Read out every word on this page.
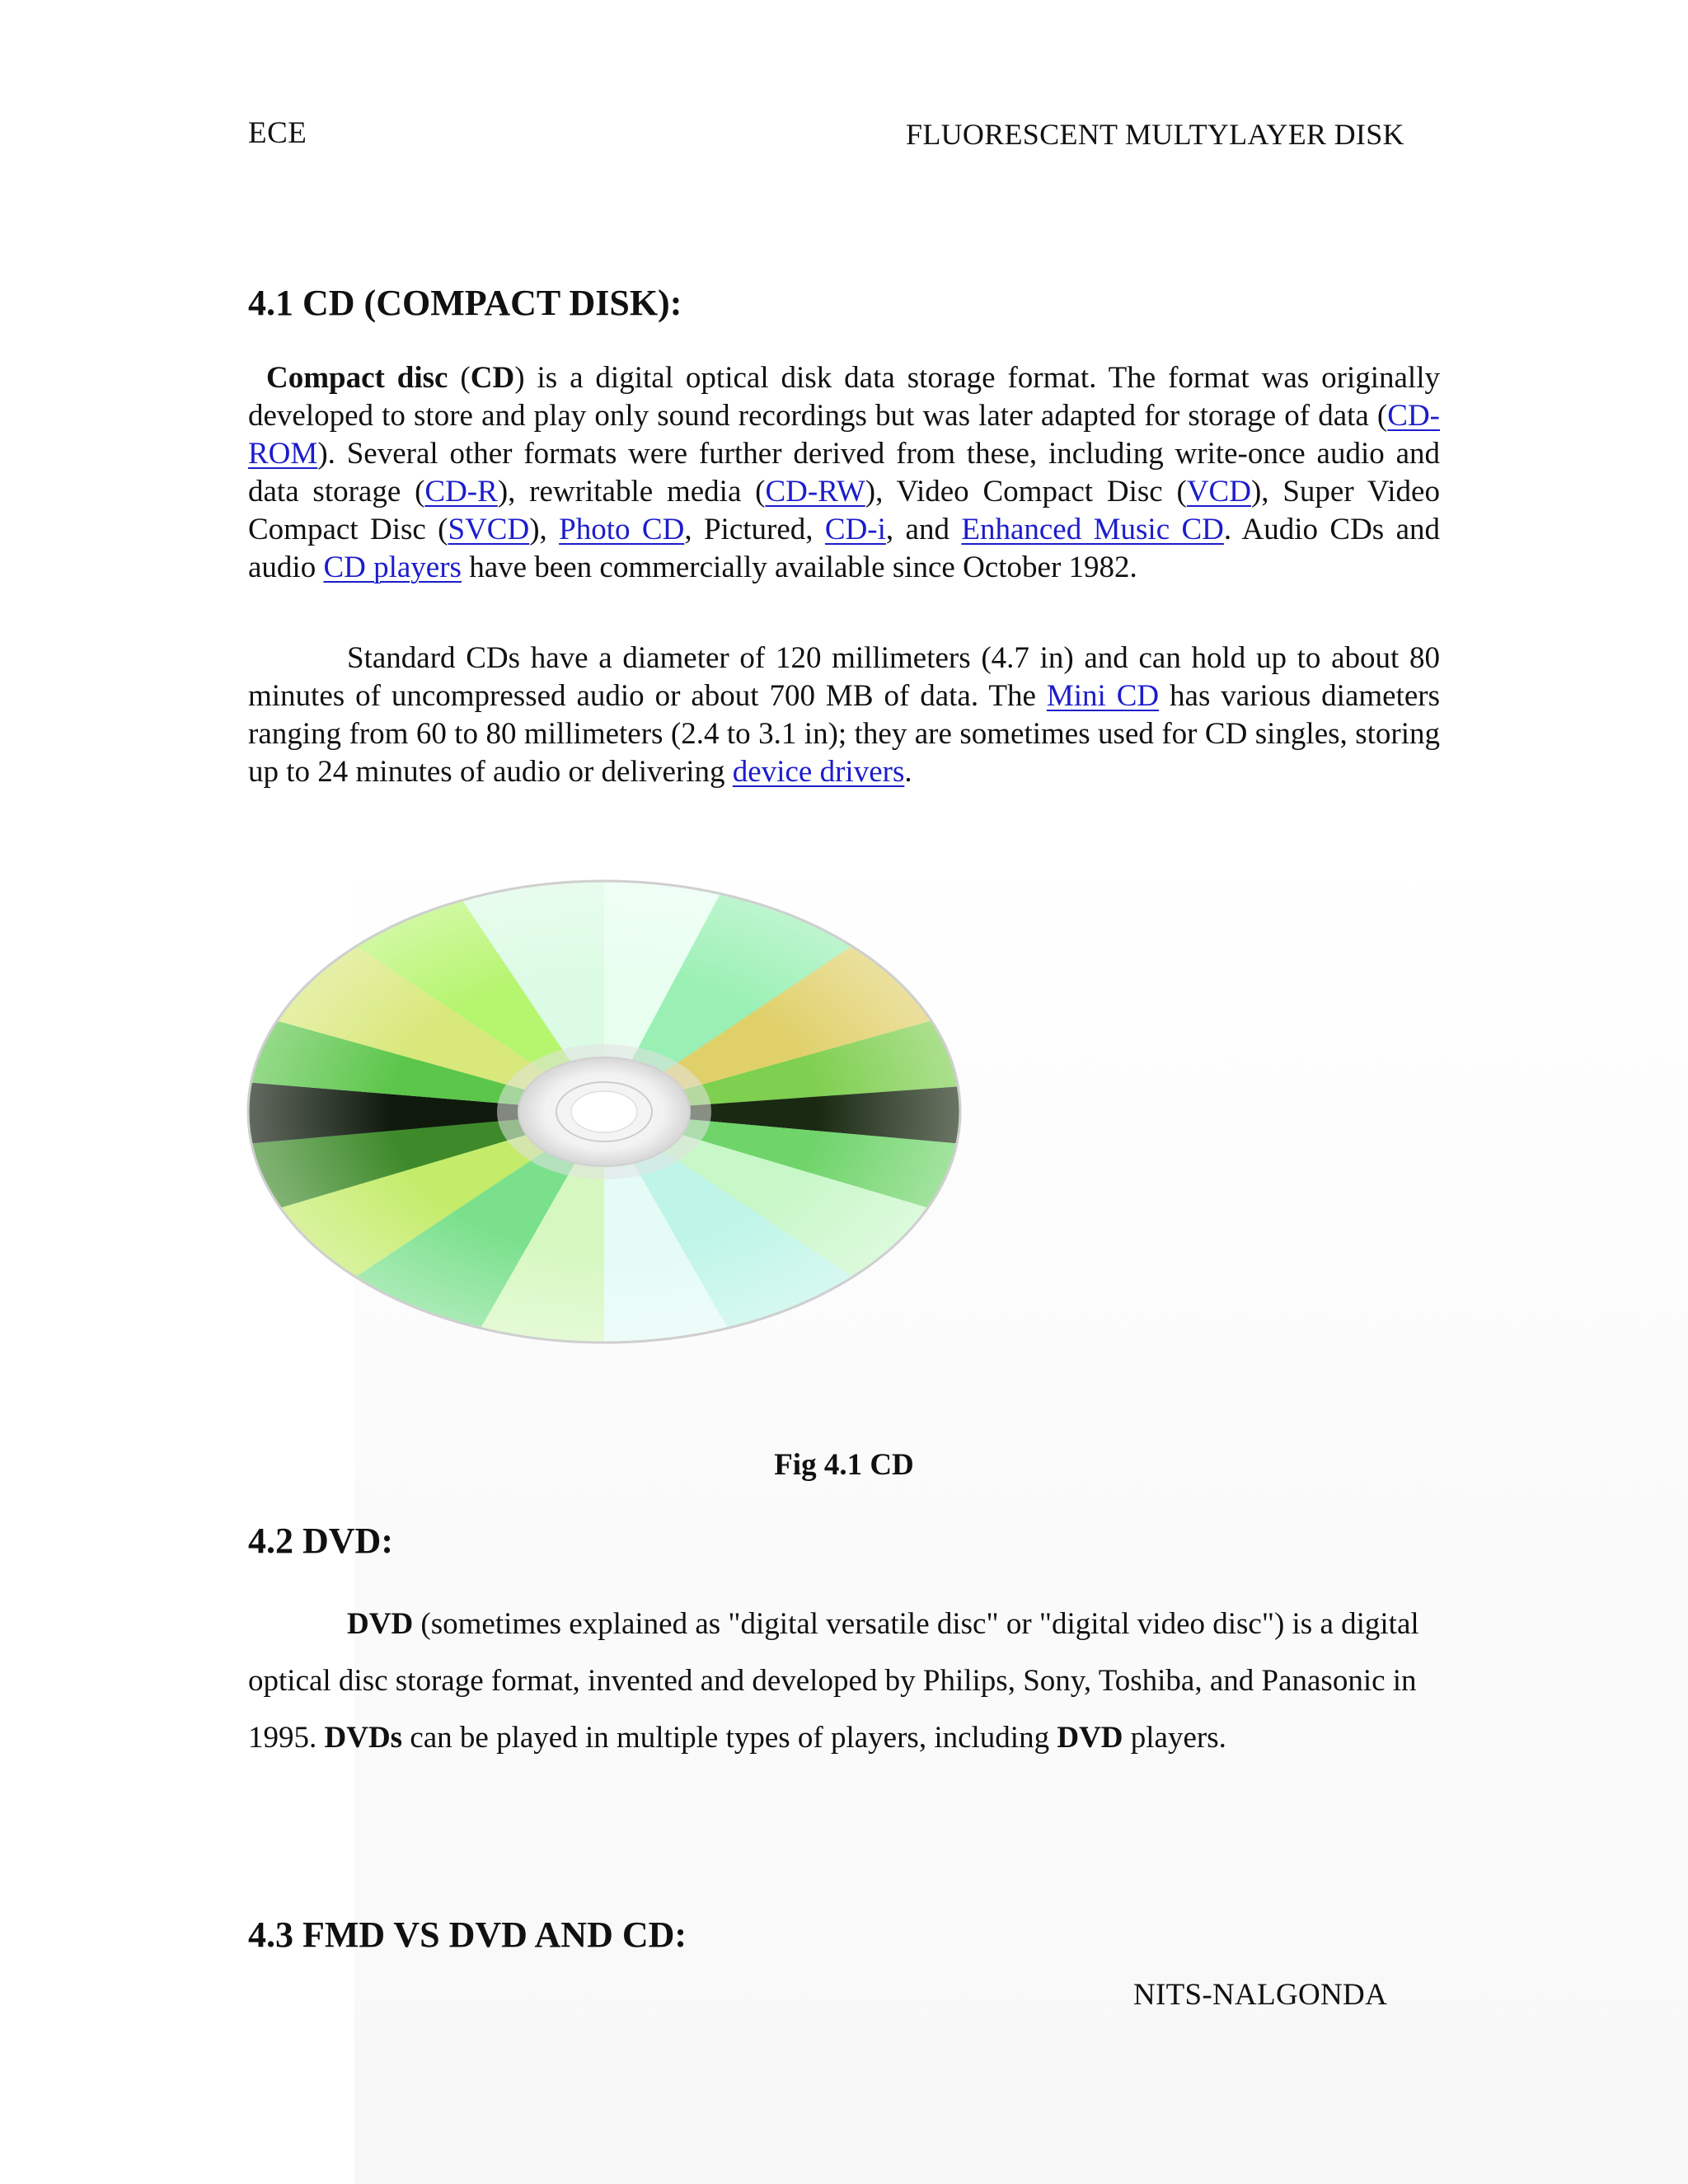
ECE	FLUORESCENT MULTYLAYER DISK
4.1 CD (COMPACT DISK):
Compact disc (CD) is a digital optical disk data storage format. The format was originally developed to store and play only sound recordings but was later adapted for storage of data (CD-ROM). Several other formats were further derived from these, including write-once audio and data storage (CD-R), rewritable media (CD-RW), Video Compact Disc (VCD), Super Video Compact Disc (SVCD), Photo CD, Pictured, CD-i, and Enhanced Music CD. Audio CDs and audio CD players have been commercially available since October 1982.
Standard CDs have a diameter of 120 millimeters (4.7 in) and can hold up to about 80 minutes of uncompressed audio or about 700 MB of data. The Mini CD has various diameters ranging from 60 to 80 millimeters (2.4 to 3.1 in); they are sometimes used for CD singles, storing up to 24 minutes of audio or delivering device drivers.
Fig 4.1 CD
4.2 DVD:
DVD (sometimes explained as "digital versatile disc" or "digital video disc") is a digital optical disc storage format, invented and developed by Philips, Sony, Toshiba, and Panasonic in 1995. DVDs can be played in multiple types of players, including DVD players.
4.3 FMD VS DVD AND CD:
NITS-NALGONDA
